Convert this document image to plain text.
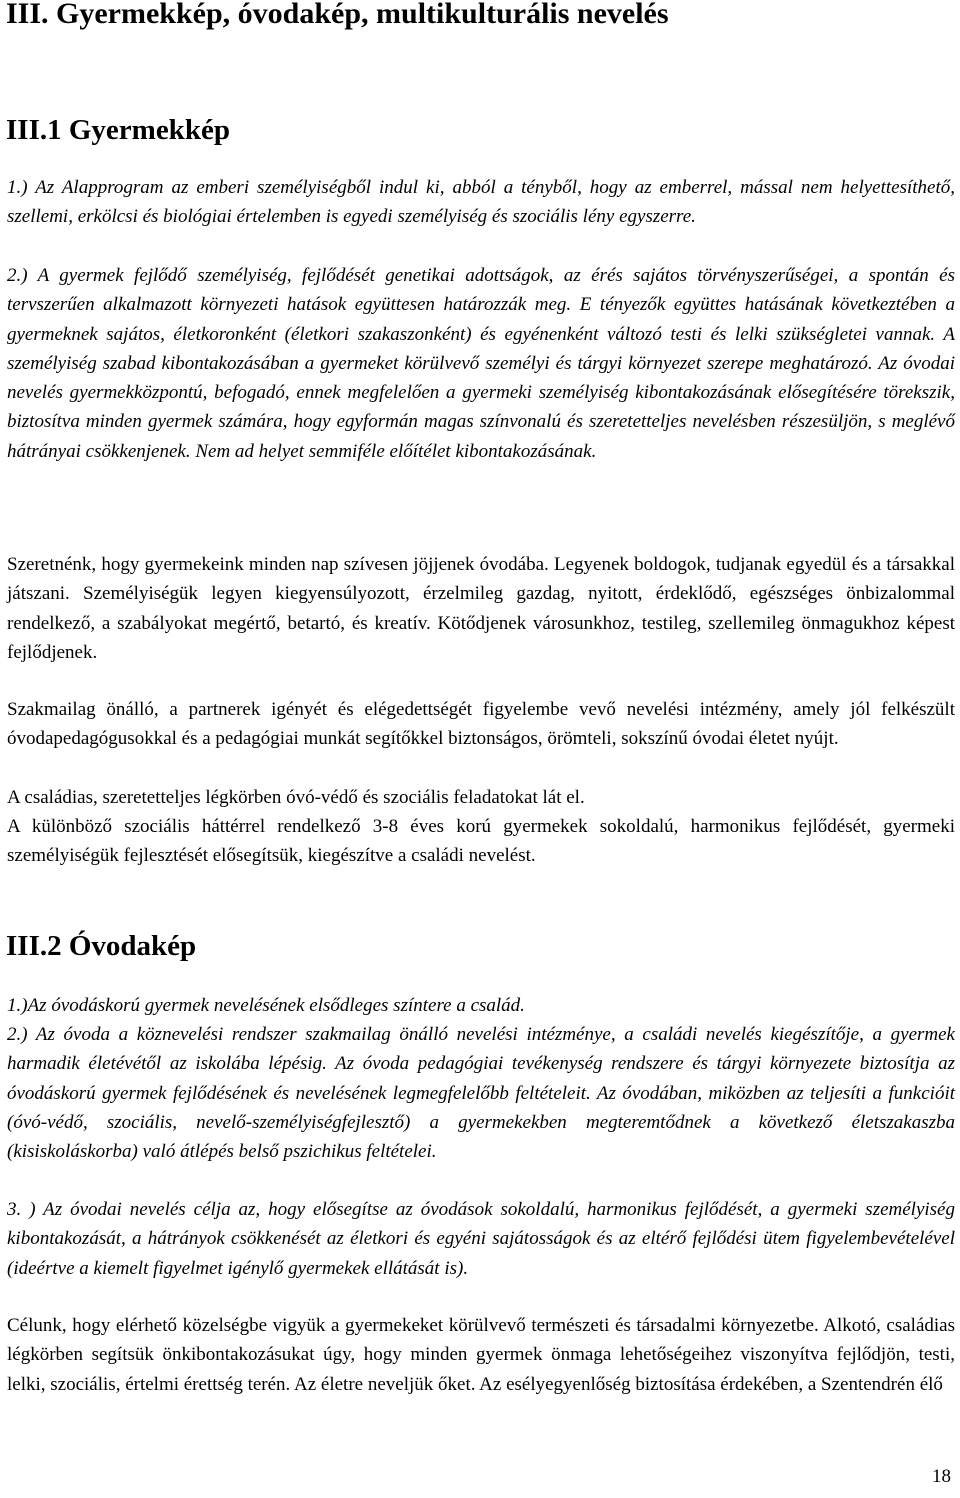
III. Gyermekkép, óvodakép, multikulturális nevelés
III.1 Gyermekkép

1.) Az Alapprogram az emberi személyiségből indul ki, abból a tényből, hogy az emberrel, mással nem helyettesíthető, szellemi, erkölcsi és biológiai értelemben is egyedi személyiség és szociális lény egyszerre.

2.) A gyermek fejlődő személyiség, fejlődését genetikai adottságok, az érés sajátos törvényszerűségei, a spontán és tervszerűen alkalmazott környezeti hatások együttesen határozzák meg. E tényezők együttes hatásának következtében a gyermeknek sajátos, életkoronként (életkori szakaszonként) és egyénenként változó testi és lelki szükségletei vannak. A személyiség szabad kibontakozásában a gyermeket körülvevő személyi és tárgyi környezet szerepe meghatározó. Az óvodai nevelés gyermekközpontú, befogadó, ennek megfelelően a gyermeki személyiség kibontakozásának elősegítésére törekszik, biztosítva minden gyermek számára, hogy egyformán magas színvonalú és szeretetteljes nevelésben részesüljön, s meglévő hátrányai csökkenjenek. Nem ad helyet semmiféle előítélet kibontakozásának.

Szeretnénk, hogy gyermekeink minden nap szívesen jöjjenek óvodába. Legyenek boldogok, tudjanak egyedül és a társakkal játszani. Személyiségük legyen kiegyensúlyozott, érzelmileg gazdag, nyitott, érdeklődő, egészséges önbizalommal rendelkező, a szabályokat megértő, betartó, és kreatív. Kötődjenek városunkhoz, testileg, szellemileg önmagukhoz képest fejlődjenek.

Szakmailag önálló, a partnerek igényét és elégedettségét figyelembe vevő nevelési intézmény, amely jól felkészült óvodapedagógusokkal és a pedagógiai munkát segítőkkel biztonságos, örömteli, sokszínű óvodai életet nyújt.

A családias, szeretetteljes légkörben óvó-védő és szociális feladatokat lát el.

A különböző szociális háttérrel rendelkező 3-8 éves korú gyermekek sokoldalú, harmonikus fejlődését, gyermeki személyiségük fejlesztését elősegítsük, kiegészítve a családi nevelést.

III.2 Óvodakép

1.)Az óvodáskorú gyermek nevelésének elsődleges színtere a család.

2.) Az óvoda a köznevelési rendszer szakmailag önálló nevelési intézménye, a családi nevelés kiegészítője, a gyermek harmadik életévétől az iskolába lépésig. Az óvoda pedagógiai tevékenység rendszere és tárgyi környezete biztosítja az óvodáskorú gyermek fejlődésének és nevelésének legmegfelelőbb feltételeit. Az óvodában, miközben az teljesíti a funkcióit (óvó-védő, szociális, nevelő-személyiségfejlesztő) a gyermekekben megteremtődnek a következő életszakaszba (kisiskoláskorba) való átlépés belső pszichikus feltételei.

3. ) Az óvodai nevelés célja az, hogy elősegítse az óvodások sokoldalú, harmonikus fejlődését, a gyermeki személyiség kibontakozását, a hátrányok csökkenését az életkori és egyéni sajátosságok és az eltérő fejlődési ütem figyelembevételével (ideértve a kiemelt figyelmet igénylő gyermekek ellátását is).

Célunk, hogy elérhető közelségbe vigyük a gyermekeket körülvevő természeti és társadalmi környezetbe. Alkotó, családias légkörben segítsük önkibontakozásukat úgy, hogy minden gyermek önmaga lehetőségeihez viszonyítva fejlődjön, testi, lelki, szociális, értelmi érettség terén. Az életre neveljük őket. Az esélyegyenlőség biztosítása érdekében, a Szentendrén élő

18
